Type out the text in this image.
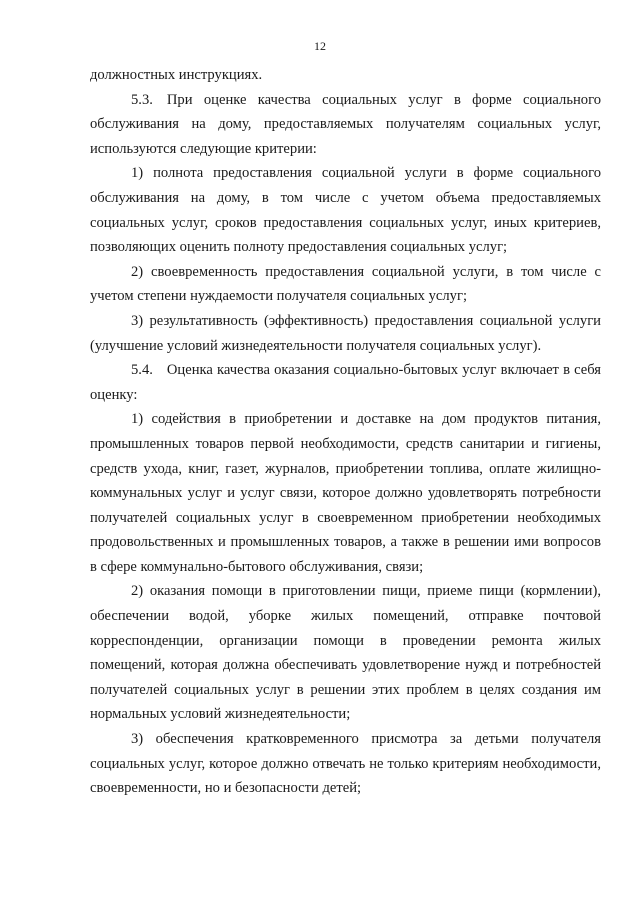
12

должностных инструкциях.

5.3. При оценке качества социальных услуг в форме социального обслуживания на дому, предоставляемых получателям социальных услуг, используются следующие критерии:

1) полнота предоставления социальной услуги в форме социального обслуживания на дому, в том числе с учетом объема предоставляемых социальных услуг, сроков предоставления социальных услуг, иных критериев, позволяющих оценить полноту предоставления социальных услуг;

2) своевременность предоставления социальной услуги, в том числе с учетом степени нуждаемости получателя социальных услуг;

3) результативность (эффективность) предоставления социальной услуги (улучшение условий жизнедеятельности получателя социальных услуг).

5.4. Оценка качества оказания социально-бытовых услуг включает в себя оценку:

1) содействия в приобретении и доставке на дом продуктов питания, промышленных товаров первой необходимости, средств санитарии и гигиены, средств ухода, книг, газет, журналов, приобретении топлива, оплате жилищно-коммунальных услуг и услуг связи, которое должно удовлетворять потребности получателей социальных услуг в своевременном приобретении необходимых продовольственных и промышленных товаров, а также в решении ими вопросов в сфере коммунально-бытового обслуживания, связи;

2) оказания помощи в приготовлении пищи, приеме пищи (кормлении), обеспечении водой, уборке жилых помещений, отправке почтовой корреспонденции, организации помощи в проведении ремонта жилых помещений, которая должна обеспечивать удовлетворение нужд и потребностей получателей социальных услуг в решении этих проблем в целях создания им нормальных условий жизнедеятельности;

3) обеспечения кратковременного присмотра за детьми получателя социальных услуг, которое должно отвечать не только критериям необходимости, своевременности, но и безопасности детей;
